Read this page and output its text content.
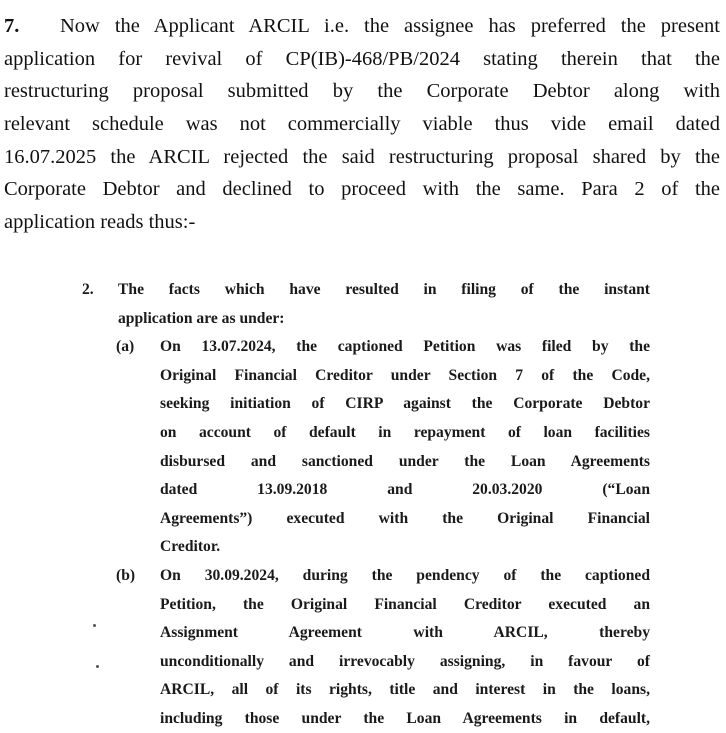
7. Now the Applicant ARCIL i.e. the assignee has preferred the present
application for revival of CP(IB)-468/PB/2024 stating therein that the
restructuring proposal submitted by the Corporate Debtor along with
relevant schedule was not commercially viable thus vide email dated
16.07.2025 the ARCIL rejected the said restructuring proposal shared by the
Corporate Debtor and declined to proceed with the same. Para 2 of the
application reads thus:-
2. The facts which have resulted in filing of the instant
application are as under:
(a) On 13.07.2024, the captioned Petition was filed by the
Original Financial Creditor under Section 7 of the Code,
seeking initiation of CIRP against the Corporate Debtor
on account of default in repayment of loan facilities
disbursed and sanctioned under the Loan Agreements
dated        13.09.2018        and        20.03.2020        (“Loan
Agreements”) executed with the Original Financial
Creditor.
(b) On 30.09.2024, during the pendency of the captioned
Petition, the Original Financial Creditor executed an
Assignment   Agreement   with   ARCIL,   thereby
unconditionally and irrevocably assigning, in favour of
ARCIL, all of its rights, title and interest in the loans,
including those under the Loan Agreements in default,
